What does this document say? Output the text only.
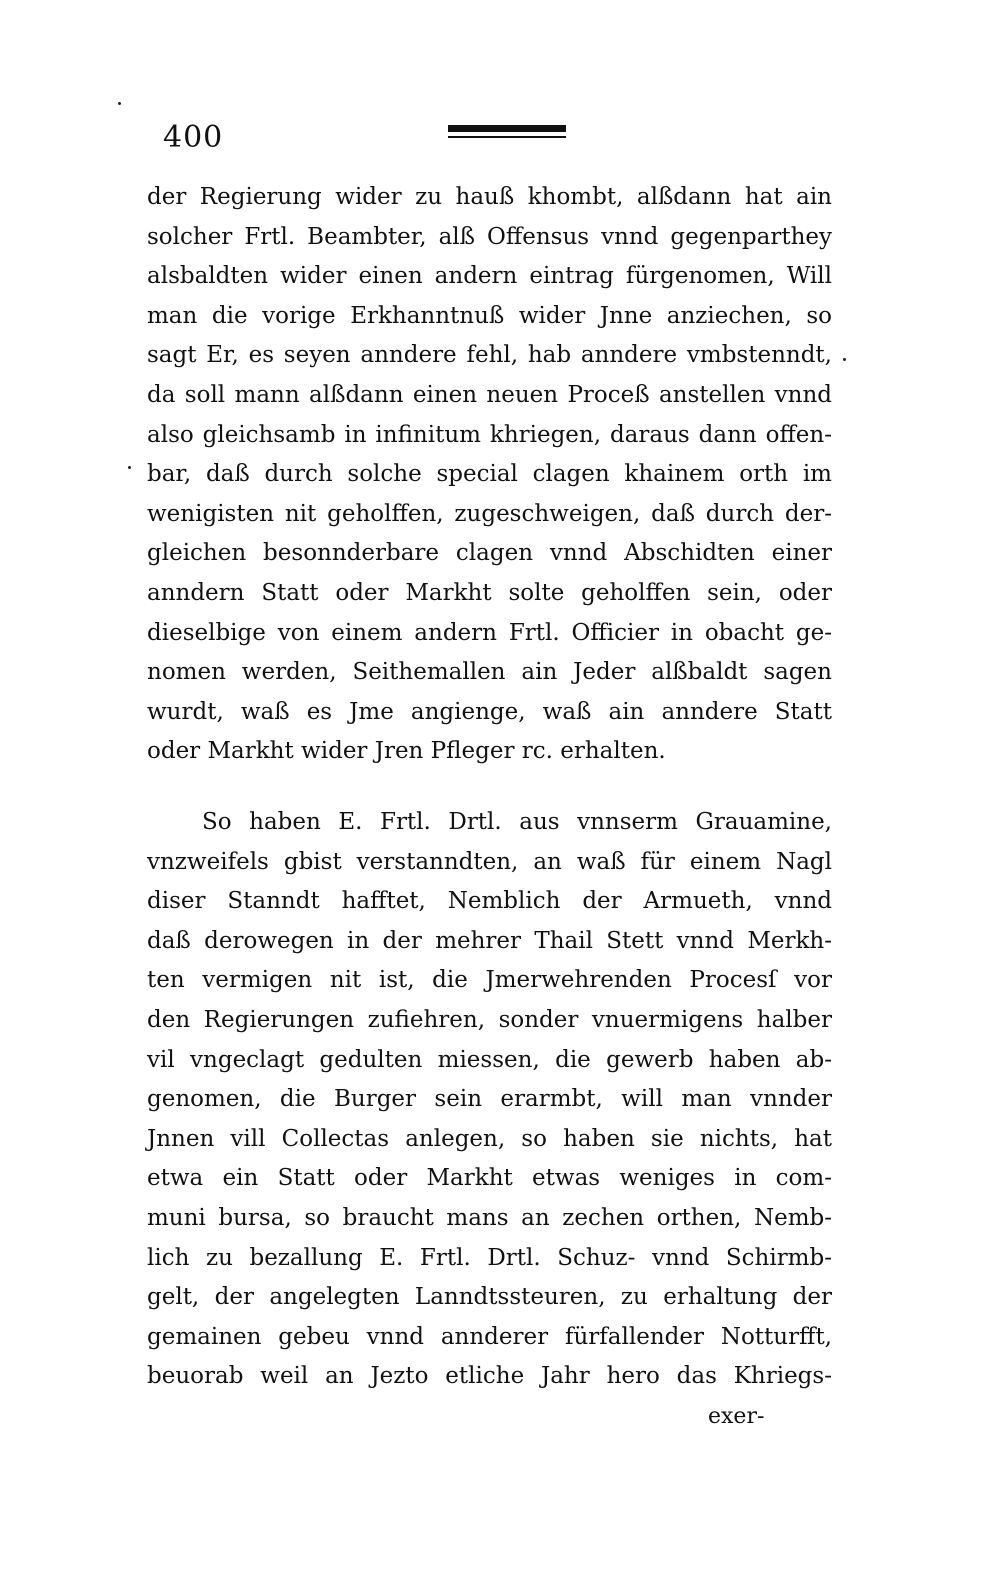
400
der Regierung wider zu hauß khombt, alßdann hat ain
solcher Frtl. Beambter, alß Offensus vnnd gegenparthey
alsbaldten wider einen andern eintrag fürgenomen, Will
man die vorige Erkhanntnuß wider Jnne anziechen, so
sagt Er, es seyen anndere fehl, hab anndere vmbstenndt,
da soll mann alßdann einen neuen Proceß anstellen vnnd
also gleichsamb in infinitum khriegen, daraus dann offen-
bar, daß durch solche special clagen khainem orth im
wenigisten nit geholffen, zugeschweigen, daß durch der-
gleichen besonnderbare clagen vnnd Abschidten einer
anndern Statt oder Markht solte geholffen sein, oder
dieselbige von einem andern Frtl. Officier in obacht ge-
nomen werden, Seithemallen ain Jeder alßbaldt sagen
wurdt, waß es Jme angienge, waß ain anndere Statt
oder Markht wider Jren Pfleger rc. erhalten.
So haben E. Frtl. Drtl. aus vnnserm Grauamine,
vnzweifels gbist verstanndten, an waß für einem Nagl
diser Stanndt hafftet, Nemblich der Armueth, vnnd
daß derowegen in der mehrer Thail Stett vnnd Merkh-
ten vermigen nit ist, die Jmerwehrenden Procesſ vor
den Regierungen zufiehren, sonder vnuermigens halber
vil vngeclagt gedulten miessen, die gewerb haben ab-
genomen, die Burger sein erarmbt, will man vnnder
Jnnen vill Collectas anlegen, so haben sie nichts, hat
etwa ein Statt oder Markht etwas weniges in com-
muni bursa, so braucht mans an zechen orthen, Nemb-
lich zu bezallung E. Frtl. Drtl. Schuz- vnnd Schirmb-
gelt, der angelegten Lanndtssteuren, zu erhaltung der
gemainen gebeu vnnd annderer fürfallender Notturfft,
beuorab weil an Jezto etliche Jahr hero das Khriegs-
exer-
